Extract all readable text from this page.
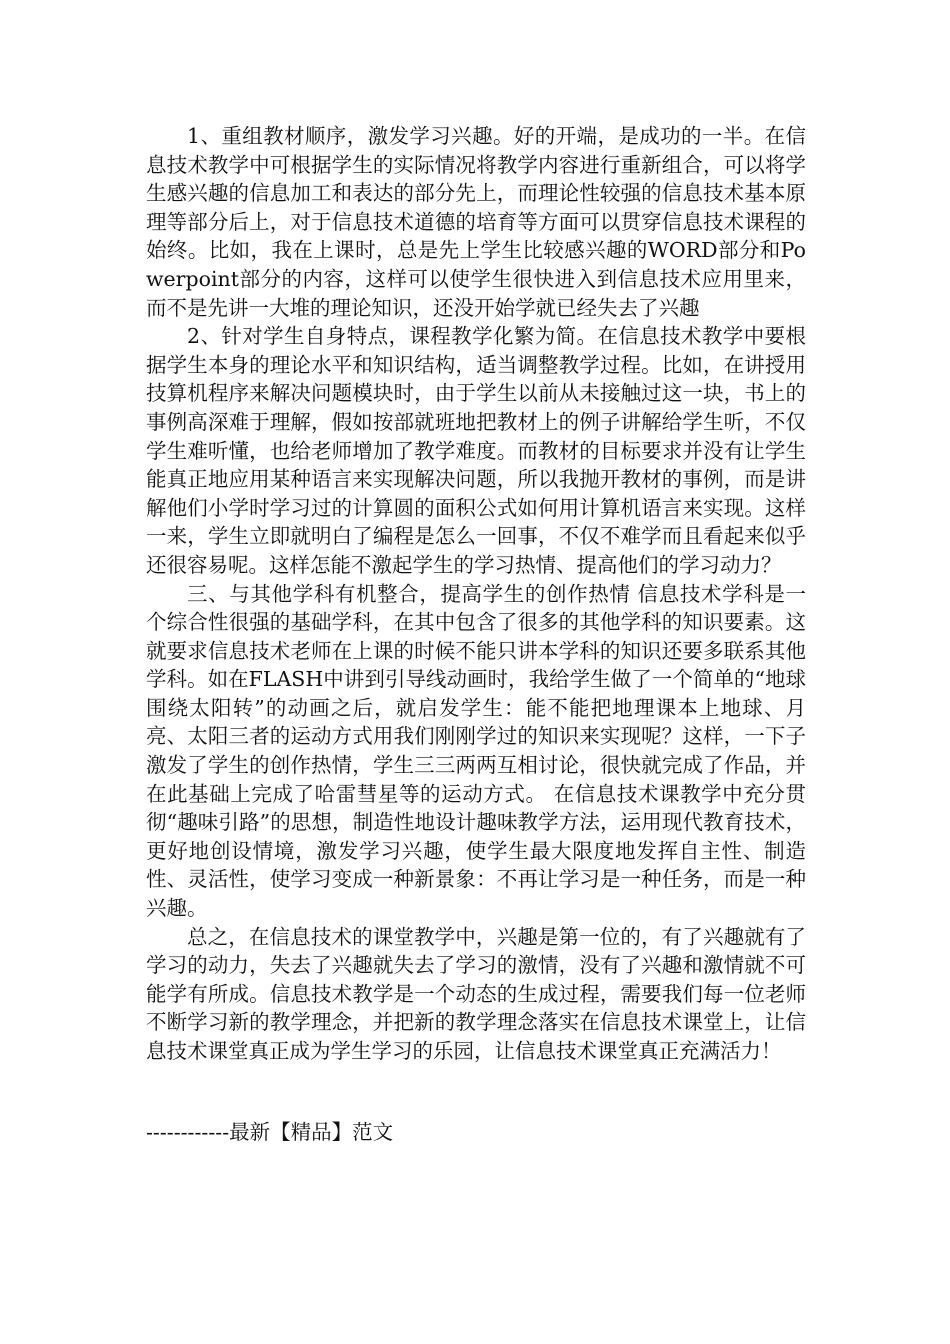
1、重组教材顺序，激发学习兴趣。好的开端，是成功的一半。在信息技术教学中可根据学生的实际情况将教学内容进行重新组合，可以将学生感兴趣的信息加工和表达的部分先上，而理论性较强的信息技术基本原理等部分后上，对于信息技术道德的培育等方面可以贯穿信息技术课程的始终。比如，我在上课时，总是先上学生比较感兴趣的WORD部分和Powerpoint部分的内容，这样可以使学生很快进入到信息技术应用里来，而不是先讲一大堆的理论知识，还没开始学就已经失去了兴趣

2、针对学生自身特点，课程教学化繁为简。在信息技术教学中要根据学生本身的理论水平和知识结构，适当调整教学过程。比如，在讲授用技算机程序来解决问题模块时，由于学生以前从未接触过这一块，书上的事例高深难于理解，假如按部就班地把教材上的例子讲解给学生听，不仅学生难听懂，也给老师增加了教学难度。而教材的目标要求并没有让学生能真正地应用某种语言来实现解决问题，所以我抛开教材的事例，而是讲解他们小学时学习过的计算圆的面积公式如何用计算机语言来实现。这样一来，学生立即就明白了编程是怎么一回事，不仅不难学而且看起来似乎还很容易呢。这样怎能不激起学生的学习热情、提高他们的学习动力？

三、与其他学科有机整合，提高学生的创作热情 信息技术学科是一个综合性很强的基础学科，在其中包含了很多的其他学科的知识要素。这就要求信息技术老师在上课的时候不能只讲本学科的知识还要多联系其他学科。如在FLASH中讲到引导线动画时，我给学生做了一个简单的“地球围绕太阳转”的动画之后，就启发学生：能不能把地理课本上地球、月亮、太阳三者的运动方式用我们刚刚学过的知识来实现呢？这样，一下子激发了学生的创作热情，学生三三两两互相讨论，很快就完成了作品，并在此基础上完成了哈雷彗星等的运动方式。 在信息技术课教学中充分贯彻“趣味引路”的思想，制造性地设计趣味教学方法，运用现代教育技术，更好地创设情境，激发学习兴趣，使学生最大限度地发挥自主性、制造性、灵活性，使学习变成一种新景象：不再让学习是一种任务，而是一种兴趣。

总之，在信息技术的课堂教学中，兴趣是第一位的，有了兴趣就有了学习的动力，失去了兴趣就失去了学习的激情，没有了兴趣和激情就不可能学有所成。信息技术教学是一个动态的生成过程，需要我们每一位老师不断学习新的教学理念，并把新的教学理念落实在信息技术课堂上，让信息技术课堂真正成为学生学习的乐园，让信息技术课堂真正充满活力！

------------最新【精品】范文
